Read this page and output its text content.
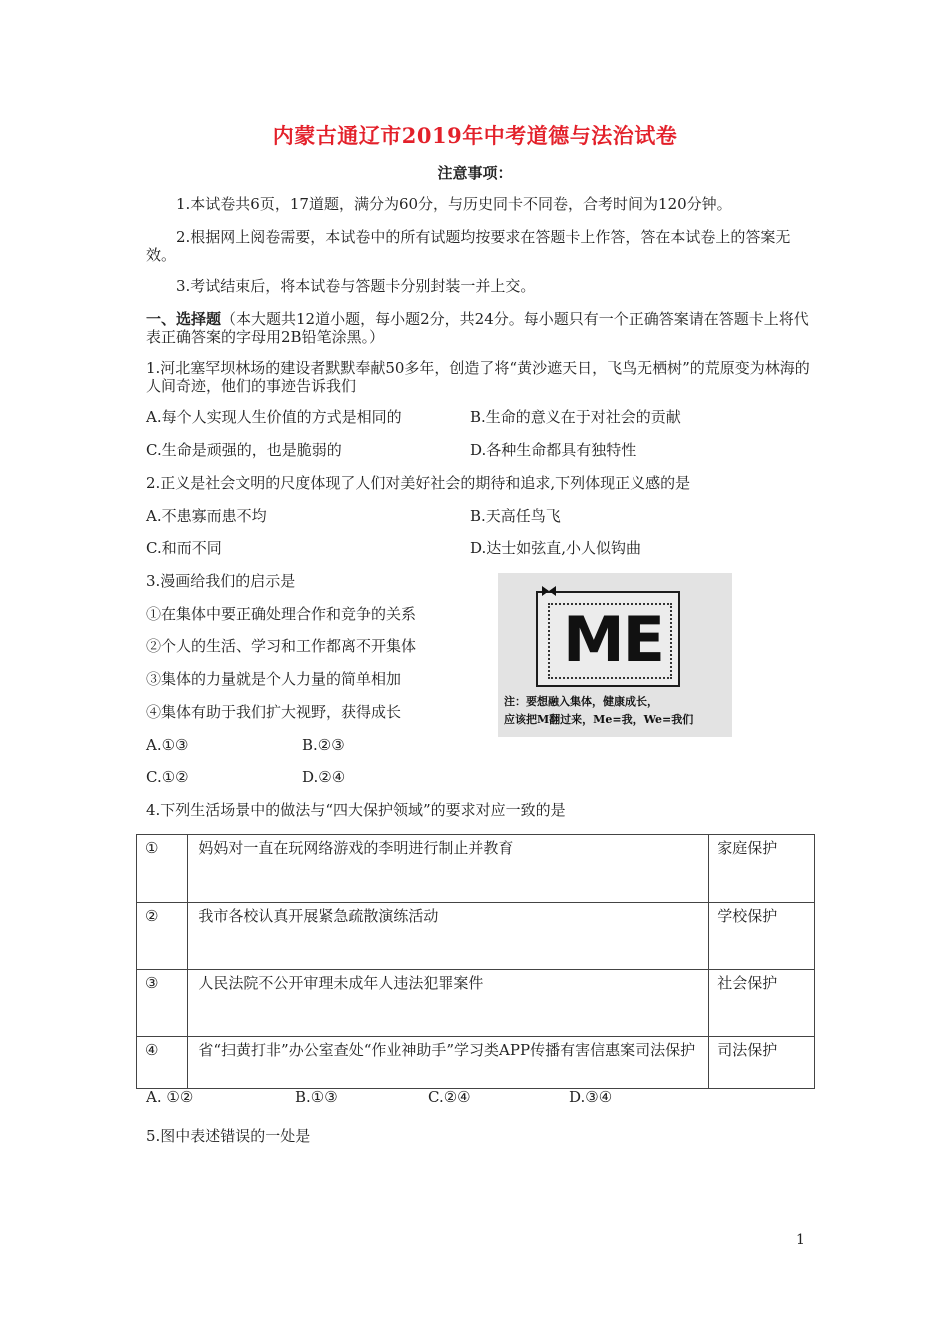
内蒙古通辽市2019年中考道德与法治试卷
注意事项：
1.本试卷共6页，17道题，满分为60分，与历史同卡不同卷，合考时间为120分钟。
2.根据网上阅卷需要，本试卷中的所有试题均按要求在答题卡上作答，答在本试卷上的答案无效。
3.考试结束后，将本试卷与答题卡分别封装一并上交。
一、选择题（本大题共12道小题，每小题2分，共24分。每小题只有一个正确答案请在答题卡上将代表正确答案的字母用2B铅笔涂黑。）
1.河北塞罕坝林场的建设者默默奉献50多年，创造了将“黄沙遮天日，飞鸟无栖树”的荒原变为林海的人间奇迹，他们的事迹告诉我们
A.每个人实现人生价值的方式是相同的	B.生命的意义在于对社会的贡献
C.生命是顽强的，也是脆弱的	D.各种生命都具有独特性
2.正义是社会文明的尺度体现了人们对美好社会的期待和追求,下列体现正义感的是
A.不患寡而患不均	B.天高任鸟飞
C.和而不同	D.达士如弦直,小人似钩曲
3.漫画给我们的启示是
①在集体中要正确处理合作和竞争的关系
②个人的生活、学习和工作都离不开集体
③集体的力量就是个人力量的简单相加
④集体有助于我们扩大视野，获得成长
A.①③	B.②③
C.①②	D.②④
ME
注：要想融入集体，健康成长，
应该把M翻过来，Me=我，We=我们
4.下列生活场景中的做法与“四大保护领域”的要求对应一致的是
①	妈妈对一直在玩网络游戏的李明进行制止并教育	家庭保护
②	我市各校认真开展紧急疏散演练活动	学校保护
③	人民法院不公开审理未成年人违法犯罪案件	社会保护
④	省“扫黄打非”办公室查处“作业神助手”学习类APP传播有害信惠案司法保护	司法保护
A. ①②	B.①③	C.②④	D.③④
5.图中表述错误的一处是
1
